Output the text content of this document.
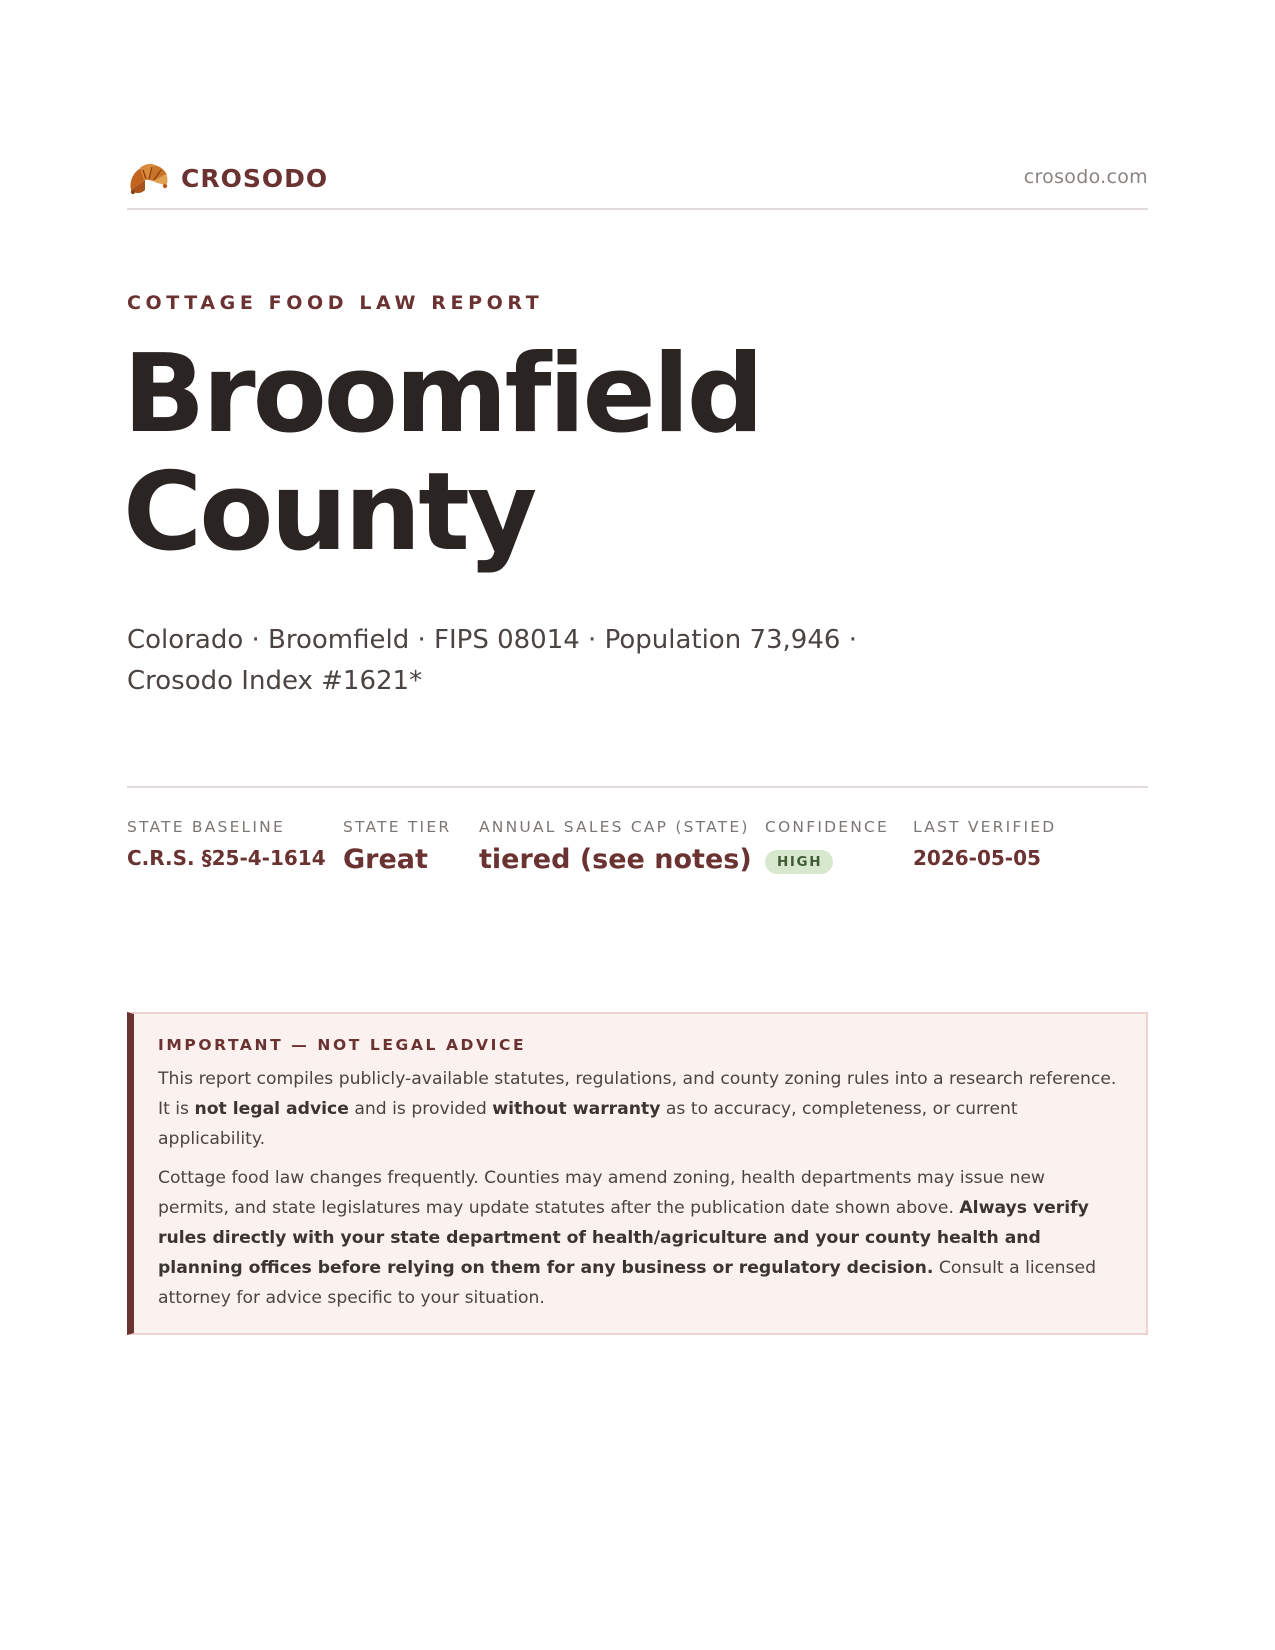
CROSODO	crosodo.com
COTTAGE FOOD LAW REPORT
Broomfield
County

Colorado · Broomfield · FIPS 08014 · Population 73,946 ·
Crosodo Index #1621*

STATE BASELINE
C.R.S. §25-4-1614
STATE TIER
Great
ANNUAL SALES CAP (STATE)
tiered (see notes)
CONFIDENCE
HIGH
LAST VERIFIED
2026-05-05
IMPORTANT — NOT LEGAL ADVICE

This report compiles publicly-available statutes, regulations, and county zoning rules into a research reference. It is not legal advice and is provided without warranty as to accuracy, completeness, or current applicability.

Cottage food law changes frequently. Counties may amend zoning, health departments may issue new permits, and state legislatures may update statutes after the publication date shown above. Always verify rules directly with your state department of health/agriculture and your county health and planning offices before relying on them for any business or regulatory decision. Consult a licensed attorney for advice specific to your situation.
